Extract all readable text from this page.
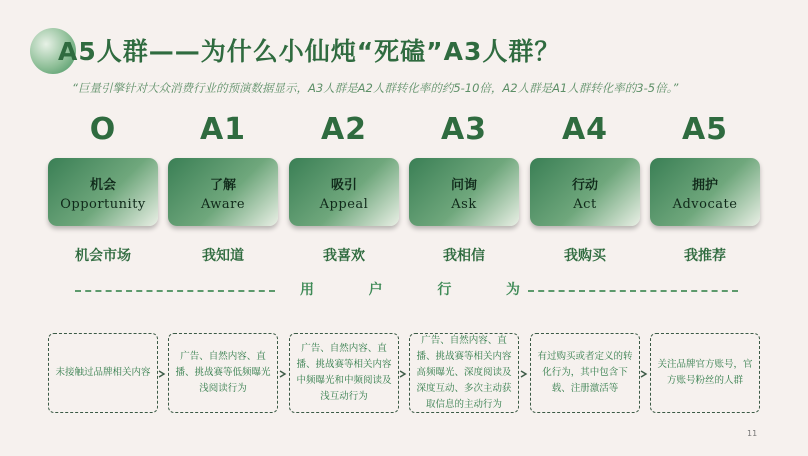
A5人群——为什么小仙炖“死磕”A3人群？
“巨量引擎针对大众消费行业的预演数据显示，A3人群是A2人群转化率的约5-10倍，A2人群是A1人群转化率的3-5倍。”
O	A1	A2	A3	A4	A5
机会
Opportunity
了解
Aware
吸引
Appeal
问询
Ask
行动
Act
拥护
Advocate
机会市场	我知道	我喜欢	我相信	我购买	我推荐
用	户	行	为
未接触过品牌相关内容
广告、自然内容、直播、挑战赛等低频曝光浅阅读行为
广告、自然内容、直播、挑战赛等相关内容中频曝光和中频阅读及浅互动行为
广告、自然内容、直播、挑战赛等相关内容高频曝光、深度阅读及深度互动、多次主动获取信息的主动行为
有过购买或者定义的转化行为，其中包含下载、注册激活等
关注品牌官方账号，官方账号粉丝的人群
11
